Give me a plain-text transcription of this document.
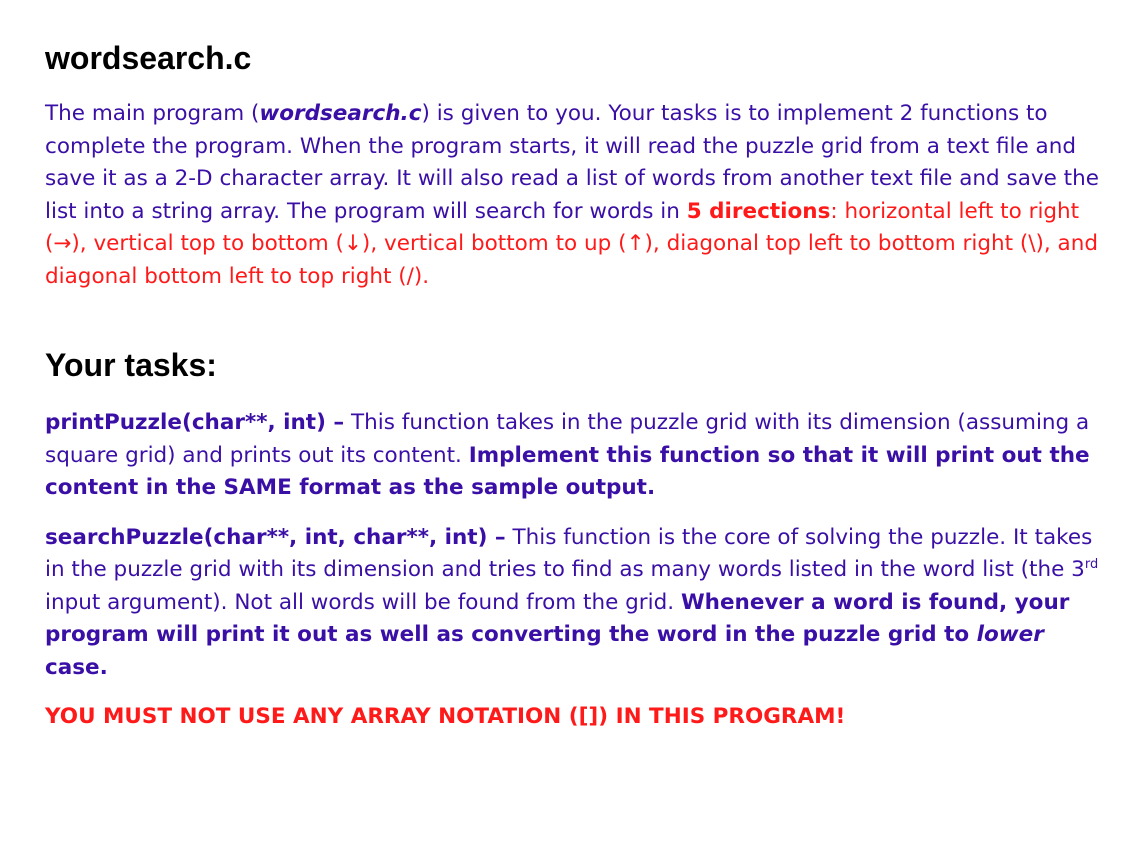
wordsearch.c

The main program (wordsearch.c) is given to you. Your tasks is to implement 2 functions to complete the program. When the program starts, it will read the puzzle grid from a text file and save it as a 2-D character array. It will also read a list of words from another text file and save the list into a string array. The program will search for words in 5 directions: horizontal left to right (→), vertical top to bottom (↓), vertical bottom to up (↑), diagonal top left to bottom right (\), and diagonal bottom left to top right (/).

Your tasks:

printPuzzle(char**, int) – This function takes in the puzzle grid with its dimension (assuming a square grid) and prints out its content. Implement this function so that it will print out the content in the SAME format as the sample output.

searchPuzzle(char**, int, char**, int) – This function is the core of solving the puzzle. It takes in the puzzle grid with its dimension and tries to find as many words listed in the word list (the 3rd input argument). Not all words will be found from the grid. Whenever a word is found, your program will print it out as well as converting the word in the puzzle grid to lower case.

YOU MUST NOT USE ANY ARRAY NOTATION ([]) IN THIS PROGRAM!
